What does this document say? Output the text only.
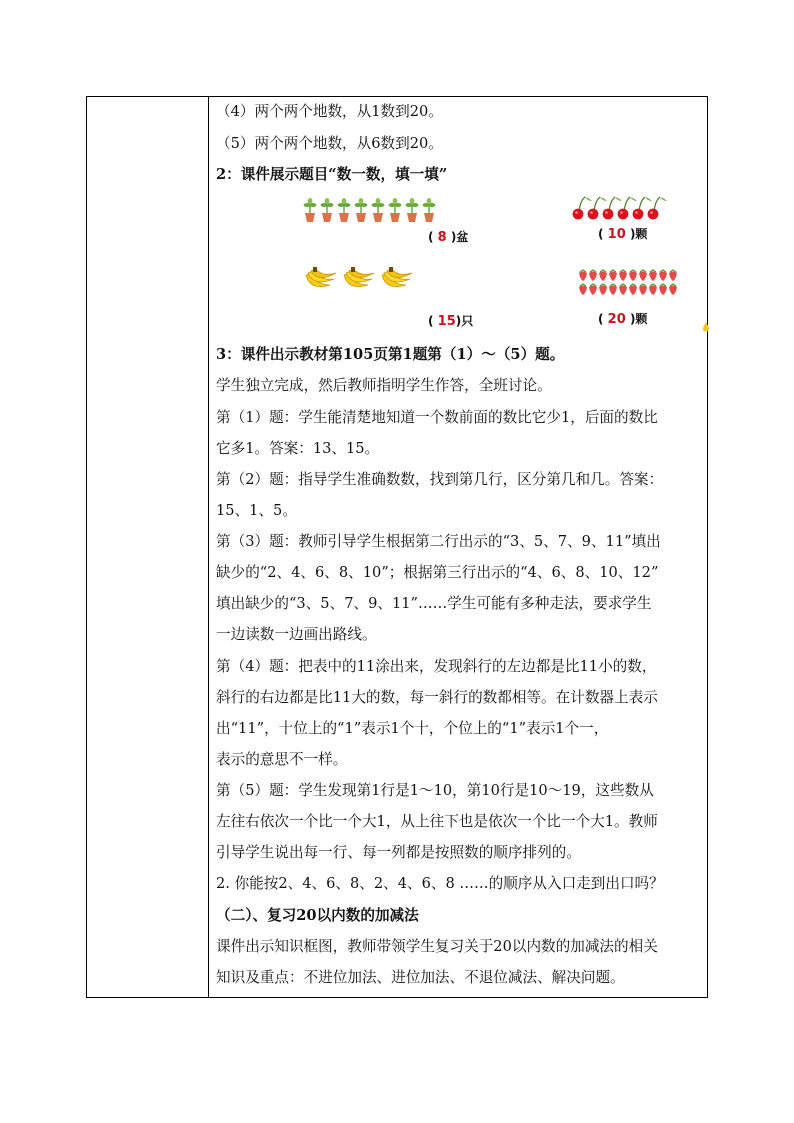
（4）两个两个地数，从1数到20。
（5）两个两个地数，从6数到20。
2：课件展示题目“数一数，填一填”
( 8 )盆	( 10 )颗
( 15)只	( 20 )颗
3：课件出示教材第105页第1题第（1）～（5）题。
学生独立完成，然后教师指明学生作答，全班讨论。
第（1）题：学生能清楚地知道一个数前面的数比它少1，后面的数比
它多1。答案：13、15。
第（2）题：指导学生准确数数，找到第几行，区分第几和几。答案：
15、1、5。
第（3）题：教师引导学生根据第二行出示的“3、5、7、9、11”填出
缺少的“2、4、6、8、10”；根据第三行出示的“4、6、8、10、12”
填出缺少的“3、5、7、9、11”……学生可能有多种走法，要求学生
一边读数一边画出路线。
第（4）题：把表中的11涂出来，发现斜行的左边都是比11小的数，
斜行的右边都是比11大的数，每一斜行的数都相等。在计数器上表示
出“11”，十位上的“1”表示1个十，个位上的“1”表示1个一，
表示的意思不一样。
第（5）题：学生发现第1行是1～10，第10行是10～19，这些数从
左往右依次一个比一个大1，从上往下也是依次一个比一个大1。教师
引导学生说出每一行、每一列都是按照数的顺序排列的。
2. 你能按2、4、6、8、2、4、6、8 ……的顺序从入口走到出口吗？
（二）、复习20以内数的加减法
课件出示知识框图，教师带领学生复习关于20以内数的加减法的相关
知识及重点：不进位加法、进位加法、不退位减法、解决问题。
